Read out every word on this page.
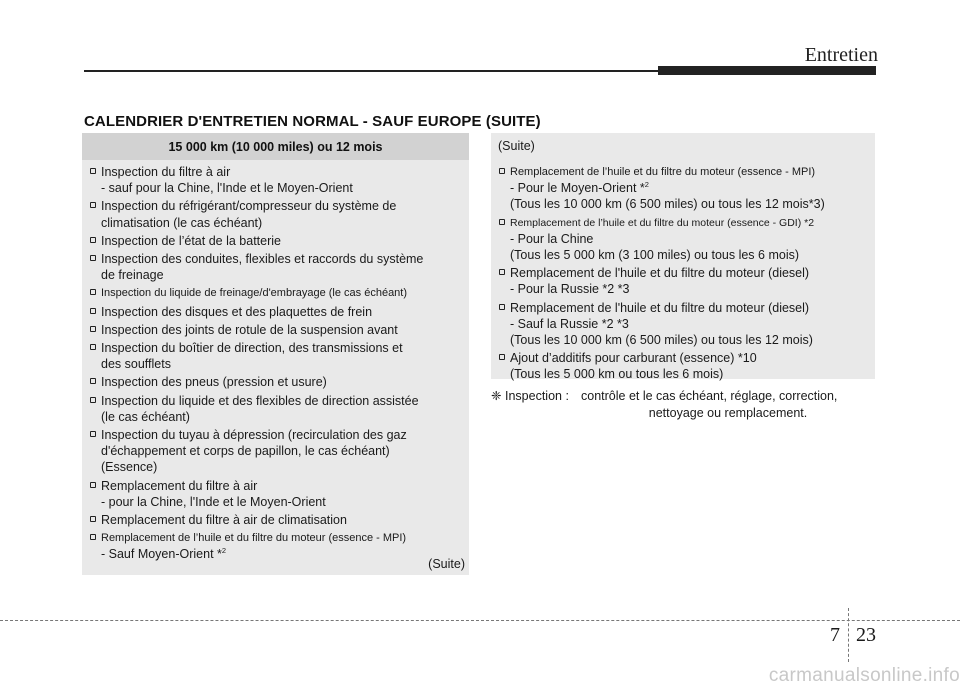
Entretien
CALENDRIER D'ENTRETIEN NORMAL - SAUF EUROPE (SUITE)
15 000 km (10 000 miles) ou 12 mois
Inspection du filtre à air
- sauf pour la Chine, l'Inde et le Moyen-Orient
Inspection du réfrigérant/compresseur du système de
climatisation (le cas échéant)
Inspection de l’état de la batterie
Inspection des conduites, flexibles et raccords du système
de freinage
Inspection du liquide de freinage/d'embrayage (le cas échéant)
Inspection des disques et des plaquettes de frein
Inspection des joints de rotule de la suspension avant
Inspection du boîtier de direction, des transmissions et
des soufflets
Inspection des pneus (pression et usure)
Inspection du liquide et des flexibles de direction assistée
(le cas échéant)
Inspection du tuyau à dépression (recirculation des gaz
d'échappement et corps de papillon, le cas échéant)
(Essence)
Remplacement du filtre à air
- pour la Chine, l'Inde et le Moyen-Orient
Remplacement du filtre à air de climatisation
Remplacement de l’huile et du filtre du moteur (essence - MPI)
- Sauf Moyen-Orient *$^2$
(Suite)
(Suite)
Remplacement de l’huile et du filtre du moteur (essence - MPI)
- Pour le Moyen-Orient *$^2$
(Tous les 10 000 km (6 500 miles) ou tous les 12 mois*3)
Remplacement de l’huile et du filtre du moteur (essence - GDI) *2
- Pour la Chine
(Tous les 5 000 km (3 100 miles) ou tous les 6 mois)
Remplacement de l'huile et du filtre du moteur (diesel)
- Pour la Russie *2 *3
Remplacement de l'huile et du filtre du moteur (diesel)
- Sauf la Russie *2 *3
(Tous les 10 000 km (6 500 miles) ou tous les 12 mois)
Ajout d’additifs pour carburant (essence) *10
(Tous les 5 000 km ou tous les 6 mois)
❈ Inspection : contrôle et le cas échéant, réglage, correction,
nettoyage ou remplacement.
7 23
carmanualsonline.info
